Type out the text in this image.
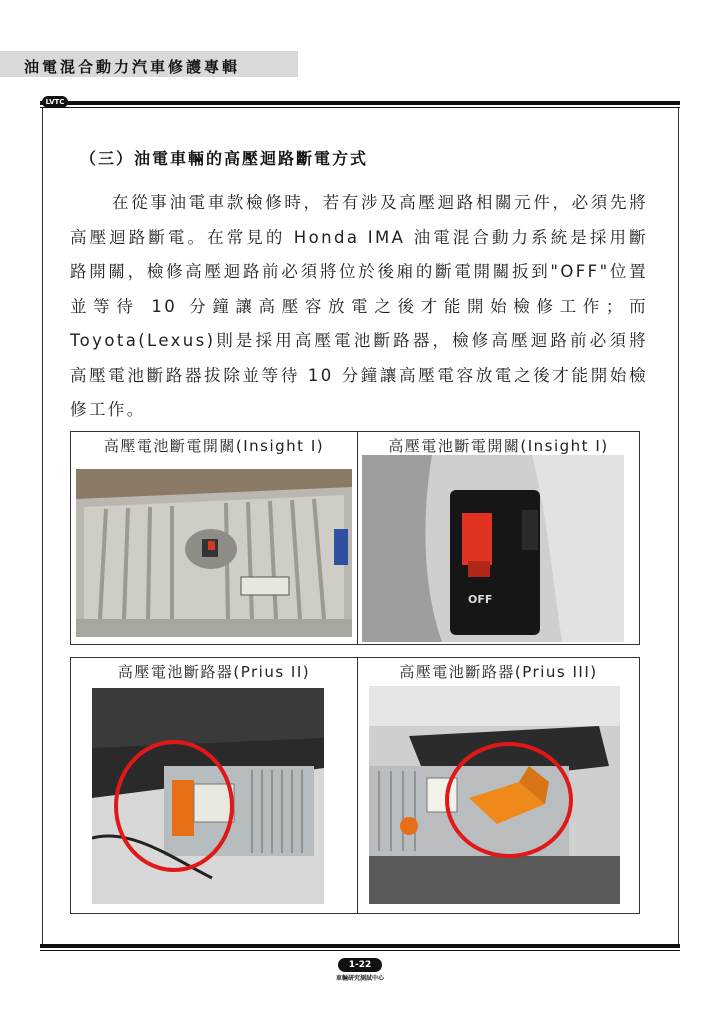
油電混合動力汽車修護專輯
LVTC
（三）油電車輛的高壓迴路斷電方式
在從事油電車款檢修時，若有涉及高壓迴路相關元件，必須先將高壓迴路斷電。在常見的 Honda IMA 油電混合動力系統是採用斷路開關，檢修高壓迴路前必須將位於後廂的斷電開關扳到"OFF"位置並等待 10 分鐘讓高壓容放電之後才能開始檢修工作；而 Toyota(Lexus)則是採用高壓電池斷路器，檢修高壓迴路前必須將高壓電池斷路器拔除並等待 10 分鐘讓高壓電容放電之後才能開始檢修工作。
高壓電池斷電開關(Insight I)	高壓電池斷電開關(Insight I)
OFF
高壓電池斷路器(Prius II)	高壓電池斷路器(Prius III)
1-22
車輛研究測試中心
